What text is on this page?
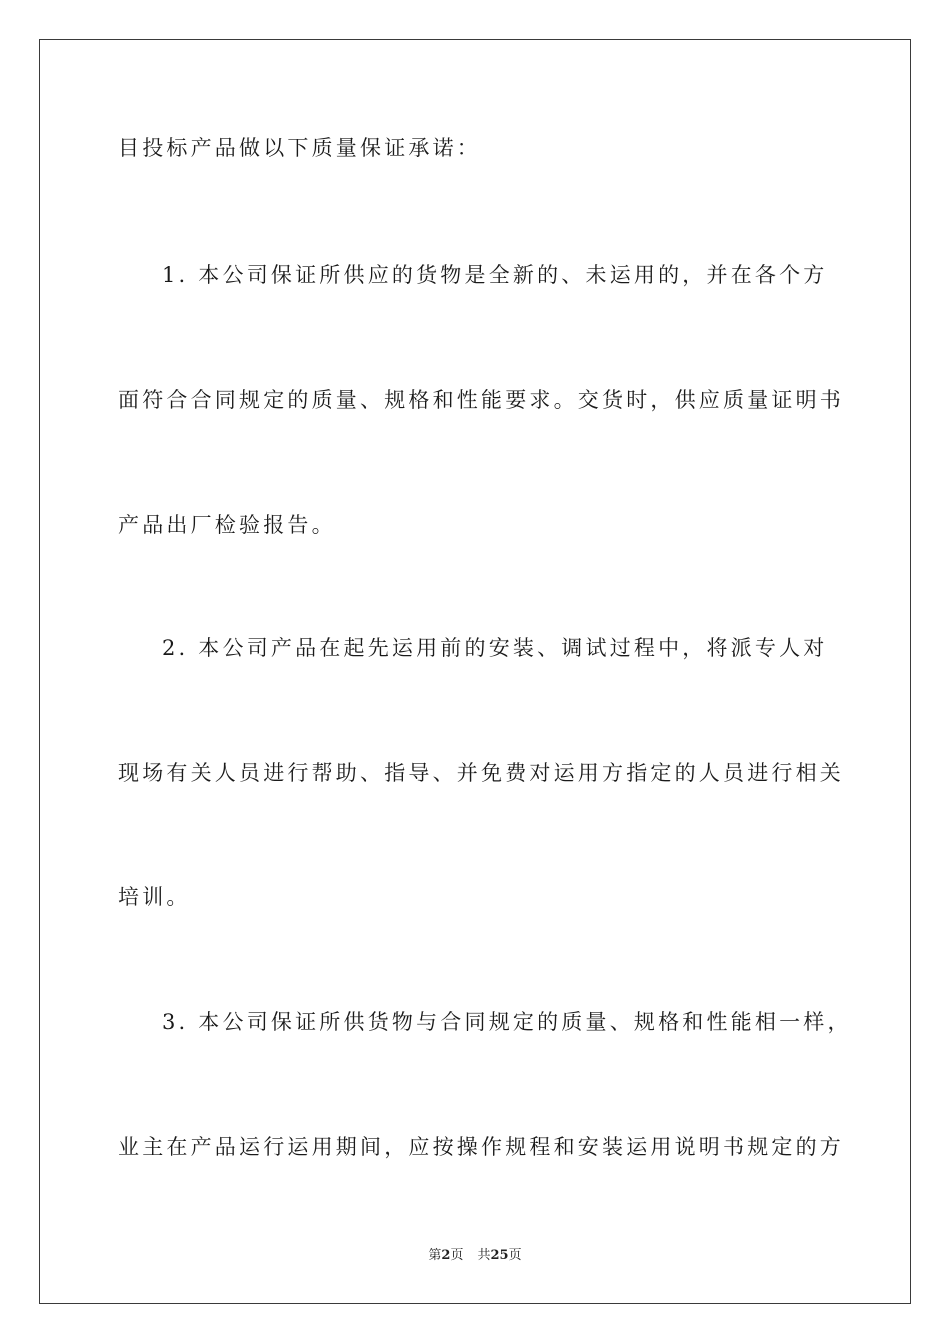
目投标产品做以下质量保证承诺：
1. 本公司保证所供应的货物是全新的、未运用的，并在各个方
面符合合同规定的质量、规格和性能要求。交货时，供应质量证明书
产品出厂检验报告。
2. 本公司产品在起先运用前的安装、调试过程中，将派专人对
现场有关人员进行帮助、指导、并免费对运用方指定的人员进行相关
培训。
3. 本公司保证所供货物与合同规定的质量、规格和性能相一样，
业主在产品运行运用期间，应按操作规程和安装运用说明书规定的方
第2页 共25页
